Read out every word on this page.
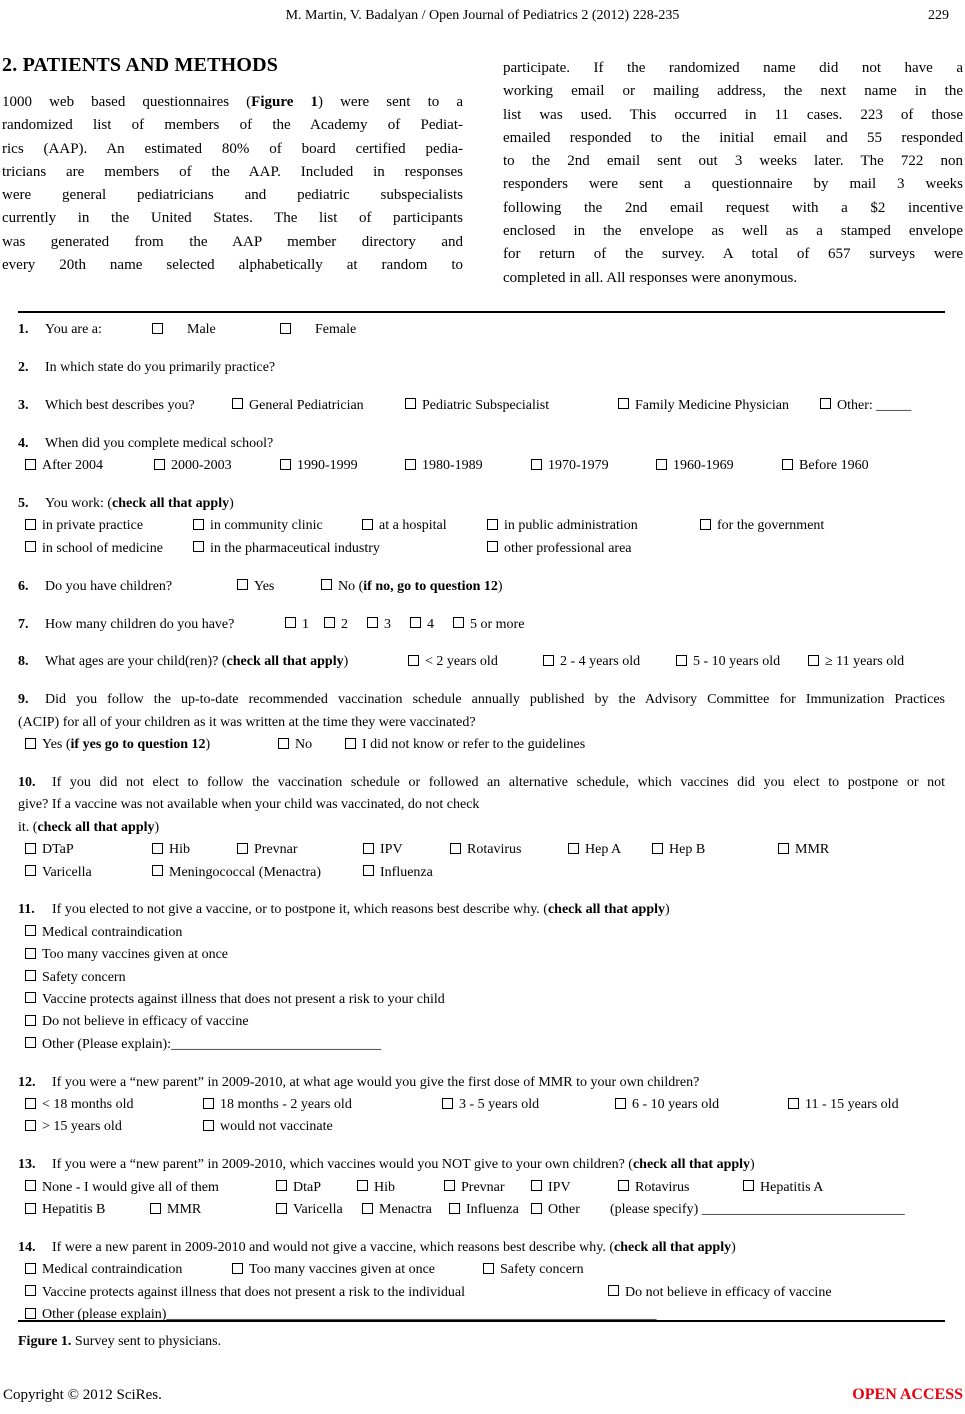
M. Martin, V. Badalyan / Open Journal of Pediatrics 2 (2012) 228-235	229
2. PATIENTS AND METHODS
1000 web based questionnaires (Figure 1) were sent to a
randomized list of members of the Academy of Pediat-
rics (AAP). An estimated 80% of board certified pedia-
tricians are members of the AAP. Included in responses
were general pediatricians and pediatric subspecialists
currently in the United States. The list of participants
was generated from the AAP member directory and
every 20th name selected alphabetically at random to
participate. If the randomized name did not have a
working email or mailing address, the next name in the
list was used. This occurred in 11 cases. 223 of those
emailed responded to the initial email and 55 responded
to the 2nd email sent out 3 weeks later. The 722 non
responders were sent a questionnaire by mail 3 weeks
following the 2nd email request with a $2 incentive
enclosed in the envelope as well as a stamped envelope
for return of the survey. A total of 657 surveys were
completed in all. All responses were anonymous.
1. You are a:	Male	Female
2. In which state do you primarily practice?
3. Which best describes you?	General Pediatrician	Pediatric Subspecialist	Family Medicine Physician	Other: _____
4. When did you complete medical school?
After 2004	2000-2003	1990-1999	1980-1989	1970-1979	1960-1969	Before 1960
5. You work: (check all that apply)
in private practice	in community clinic	at a hospital	in public administration	for the government
in school of medicine	in the pharmaceutical industry	other professional area
6. Do you have children?	Yes	No (if no, go to question 12)
7. How many children do you have?	1	2	3	4	5 or more
8. What ages are your child(ren)? (check all that apply)	< 2 years old	2 - 4 years old	5 - 10 years old	≥ 11 years old
9. Did you follow the up-to-date recommended vaccination schedule annually published by the Advisory Committee for Immunization Practices
(ACIP) for all of your children as it was written at the time they were vaccinated?
Yes (if yes go to question 12)	No	I did not know or refer to the guidelines
10. If you did not elect to follow the vaccination schedule or followed an alternative schedule, which vaccines did you elect to postpone or not
give? If a vaccine was not available when your child was vaccinated, do not check
it. (check all that apply)
DTaP	Hib	Prevnar	IPV	Rotavirus	Hep A	Hep B	MMR
Varicella	Meningococcal (Menactra)	Influenza
11. If you elected to not give a vaccine, or to postpone it, which reasons best describe why. (check all that apply)
Medical contraindication
Too many vaccines given at once
Safety concern
Vaccine protects against illness that does not present a risk to your child
Do not believe in efficacy of vaccine
Other (Please explain):______________________________
12. If you were a “new parent” in 2009-2010, at what age would you give the first dose of MMR to your own children?
< 18 months old	18 months - 2 years old	3 - 5 years old	6 - 10 years old	11 - 15 years old
> 15 years old	would not vaccinate
13. If you were a “new parent” in 2009-2010, which vaccines would you NOT give to your own children? (check all that apply)
None - I would give all of them	DtaP	Hib	Prevnar	IPV	Rotavirus	Hepatitis A
Hepatitis B	MMR	Varicella	Menactra	Influenza	Other (please specify) _____________________________
14. If were a new parent in 2009-2010 and would not give a vaccine, which reasons best describe why. (check all that apply)
Medical contraindication	Too many vaccines given at once	Safety concern
Vaccine protects against illness that does not present a risk to the individual	Do not believe in efficacy of vaccine
Other (please explain)______________________________________________________________________
Figure 1. Survey sent to physicians.
Copyright © 2012 SciRes.	OPEN ACCESS
